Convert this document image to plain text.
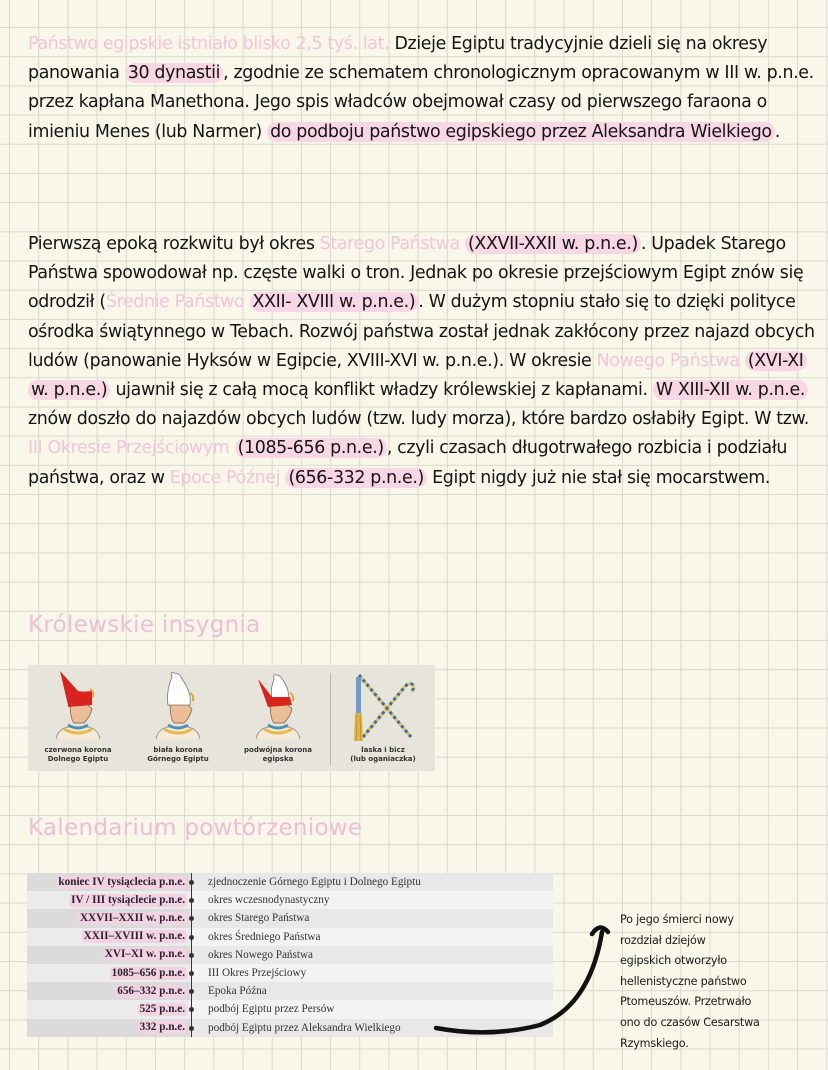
Państwo egipskie istniało blisko 2,5 tyś. lat. Dzieje Egiptu tradycyjnie dzieli się na okresy panowania 30 dynastii , zgodnie ze schematem chronologicznym opracowanym w III w. p.n.e. przez kapłana Manethona. Jego spis władców obejmował czasy od pierwszego faraona o imieniu Menes (lub Narmer) do podboju państwo egipskiego przez Aleksandra Wielkiego .

Pierwszą epoką rozkwitu był okres Starego Państwa (XXVII-XXII w. p.n.e.) . Upadek Starego Państwa spowodował np. częste walki o tron. Jednak po okresie przejściowym Egipt znów się odrodził (Średnie Państwo XXII- XVIII w. p.n.e.) . W dużym stopniu stało się to dzięki polityce ośrodka świątynnego w Tebach. Rozwój państwa został jednak zakłócony przez najazd obcych ludów (panowanie Hyksów w Egipcie, XVIII-XVI w. p.n.e.). W okresie Nowego Państwa (XVI-XI w. p.n.e.) ujawnił się z całą mocą konflikt władzy królewskiej z kapłanami. W XIII-XII w. p.n.e. znów doszło do najazdów obcych ludów (tzw. ludy morza), które bardzo osłabiły Egipt. W tzw. III Okresie Przejściowym (1085-656 p.n.e.) , czyli czasach długotrwałego rozbicia i podziału państwa, oraz w Epoce Późnej (656-332 p.n.e.) Egipt nigdy już nie stał się mocarstwem.

Królewskie insygnia
czerwona korona
Dolnego Egiptu
biała korona
Górnego Egiptu
podwójna korona
egipska
laska i bicz
(lub oganiaczka)
Kalendarium powtórzeniowe
koniec IV tysiąclecia p.n.e.	zjednoczenie Górnego Egiptu i Dolnego Egiptu
IV / III tysiąclecie p.n.e.	okres wczesnodynastyczny
XXVII–XXII w. p.n.e.	okres Starego Państwa
XXII–XVIII w. p.n.e.	okres Średniego Państwa
XVI–XI w. p.n.e.	okres Nowego Państwa
1085–656 p.n.e.	III Okres Przejściowy
656–332 p.n.e.	Epoka Późna
525 p.n.e.	podbój Egiptu przez Persów
332 p.n.e.	podbój Egiptu przez Aleksandra Wielkiego
Po jego śmierci nowy
rozdział dziejów
egipskich otworzyło
hellenistyczne państwo
Ptomeuszów. Przetrwało
ono do czasów Cesarstwa
Rzymskiego.
